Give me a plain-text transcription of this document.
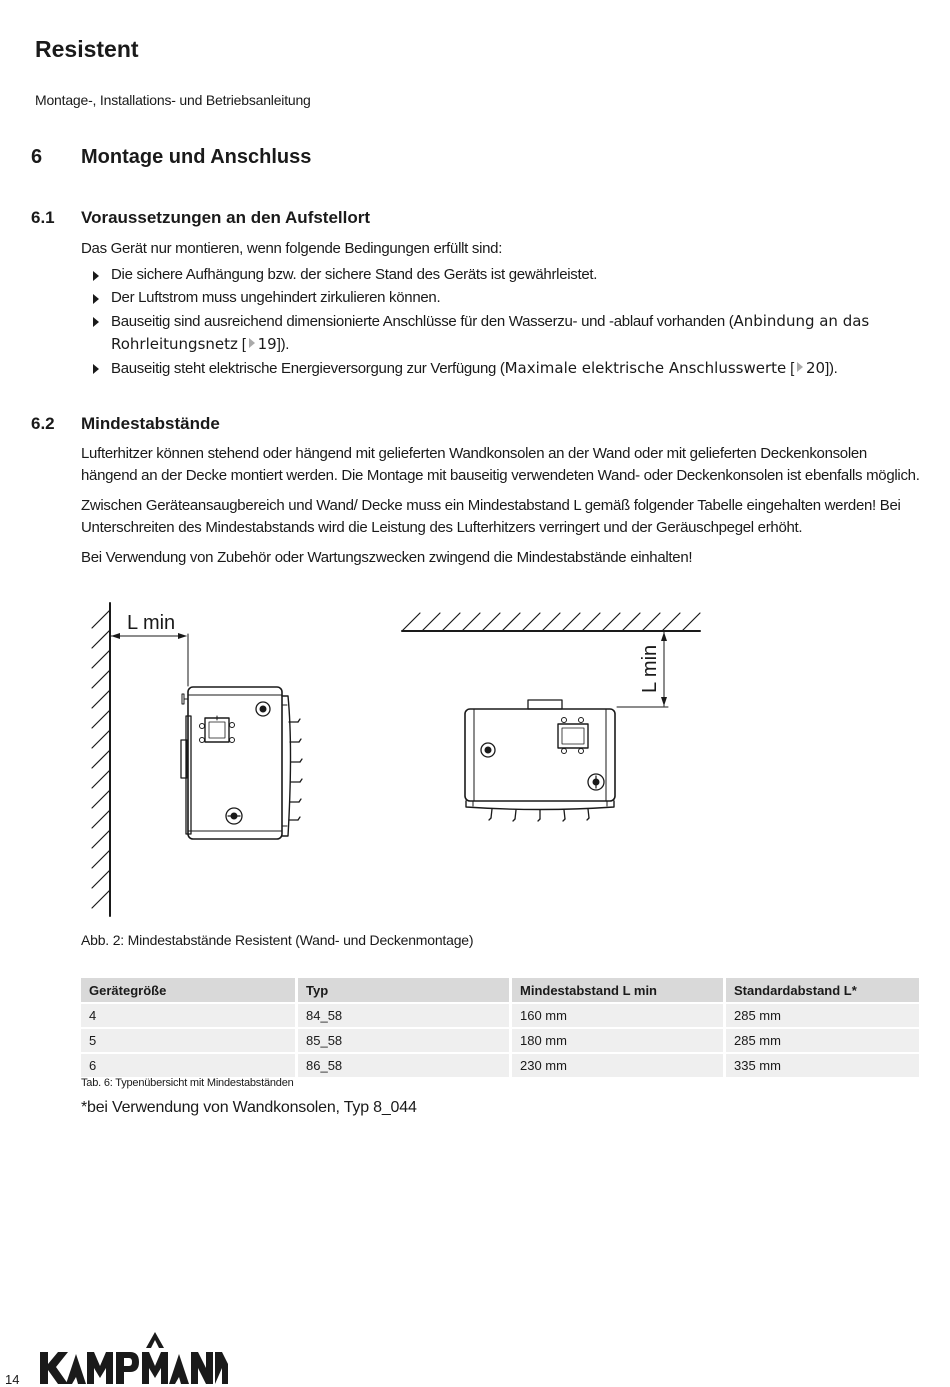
Resistent
Montage-, Installations- und Betriebsanleitung
6 Montage und Anschluss
6.1 Voraussetzungen an den Aufstellort

Das Gerät nur montieren, wenn folgende Bedingungen erfüllt sind:

Die sichere Aufhängung bzw. der sichere Stand des Geräts ist gewährleistet.
Der Luftstrom muss ungehindert zirkulieren können.
Bauseitig sind ausreichend dimensionierte Anschlüsse für den Wasserzu- und -ablauf vorhanden (Anbindung an das Rohrleitungsnetz [ 19]).
Bauseitig steht elektrische Energieversorgung zur Verfügung (Maximale elektrische Anschlusswerte [ 20]).
6.2 Mindestabstände

Lufterhitzer können stehend oder hängend mit gelieferten Wandkonsolen an der Wand oder mit gelieferten Deckenkonsolen hängend an der Decke montiert werden. Die Montage mit bauseitig verwendeten Wand- oder Deckenkonsolen ist ebenfalls möglich.

Zwischen Geräteansaugbereich und Wand/ Decke muss ein Mindestabstand L gemäß folgender Tabelle eingehalten werden! Bei Unterschreiten des Mindestabstands wird die Leistung des Lufterhitzers verringert und der Geräuschpegel erhöht.

Bei Verwendung von Zubehör oder Wartungszwecken zwingend die Mindestabstände einhalten!

L min
L min
Abb. 2: Mindestabstände Resistent (Wand- und Deckenmontage)
Gerätegröße	Typ	Mindestabstand L min	Standardabstand L*
4	84_58	160 mm	285 mm
5	85_58	180 mm	285 mm
6	86_58	230 mm	335 mm
Tab. 6: Typenübersicht mit Mindestabständen
*bei Verwendung von Wandkonsolen, Typ 8_044
14
KAMPMANN
